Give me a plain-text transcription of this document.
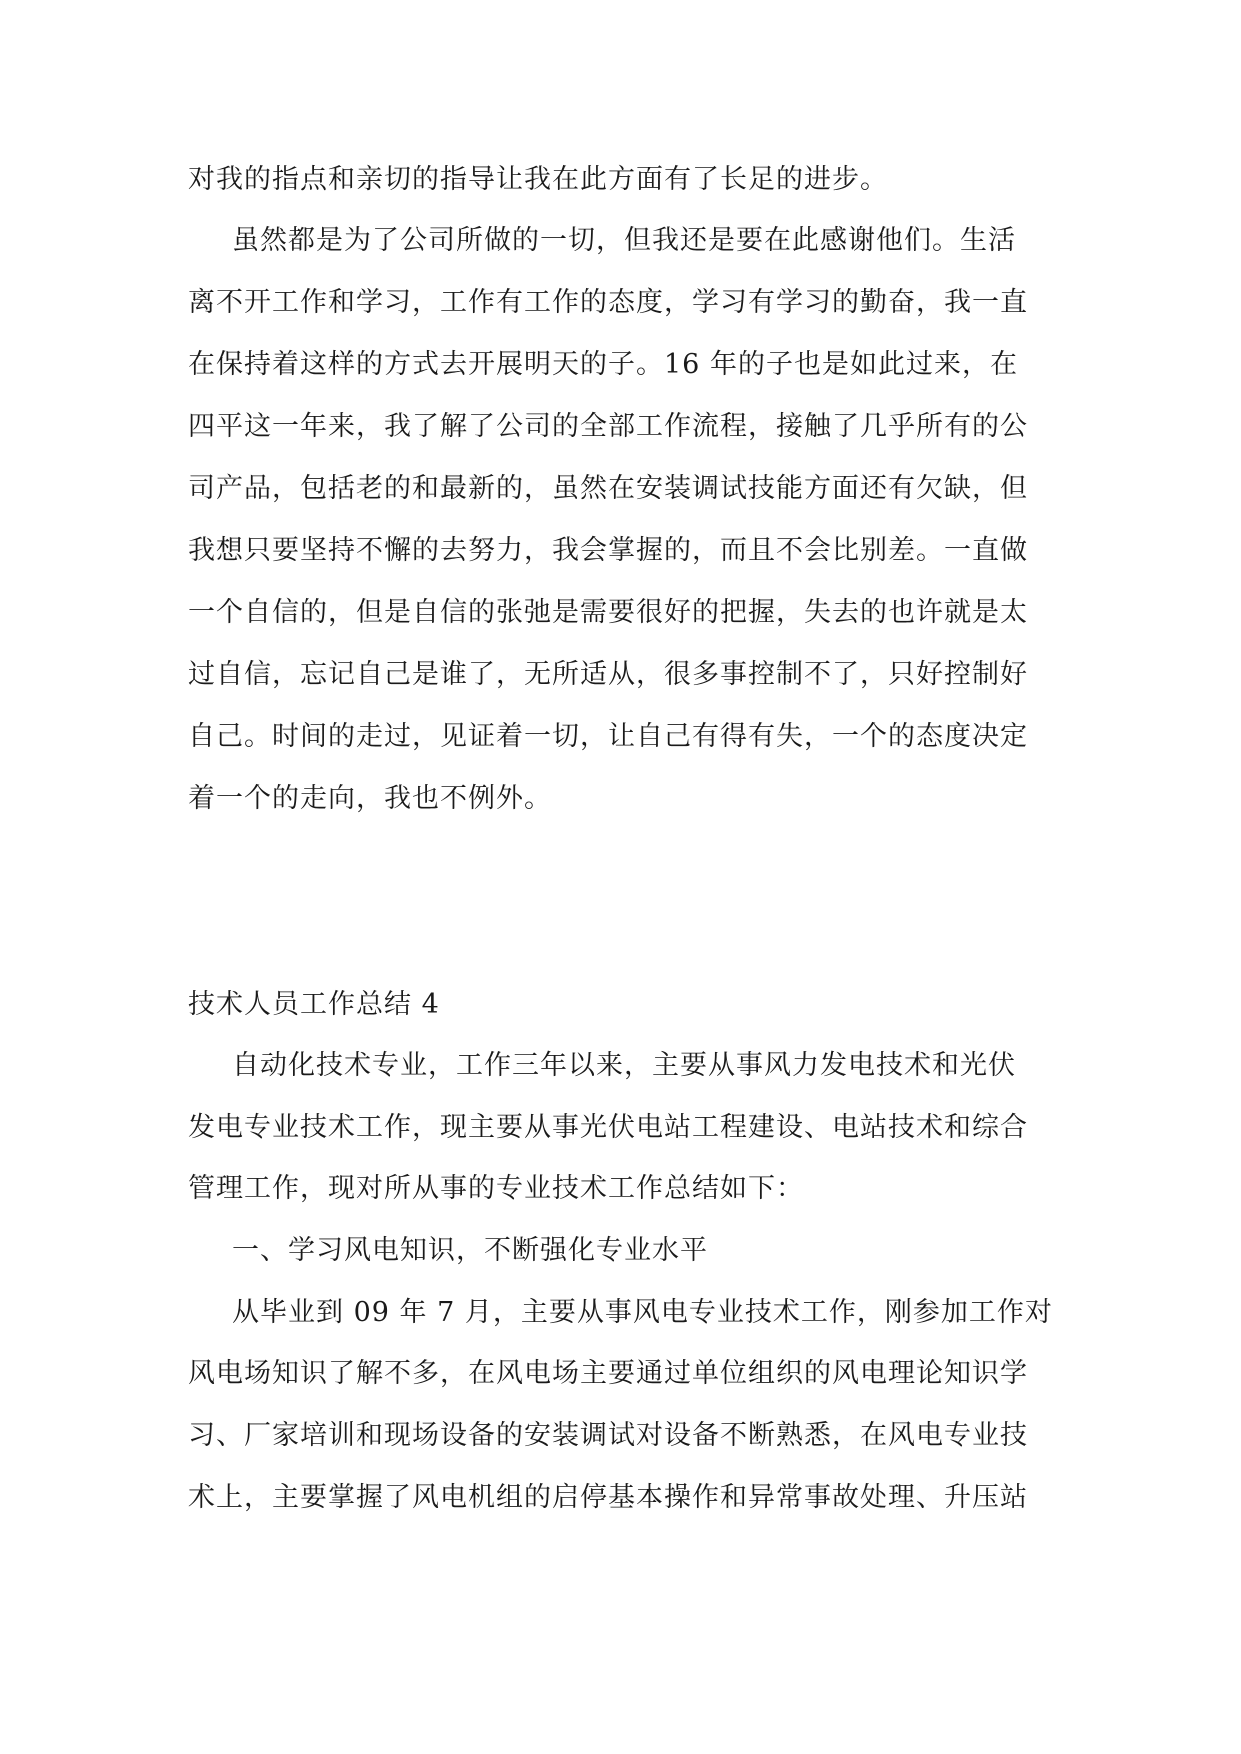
对我的指点和亲切的指导让我在此方面有了长足的进步。
虽然都是为了公司所做的一切，但我还是要在此感谢他们。生活
离不开工作和学习，工作有工作的态度，学习有学习的勤奋，我一直
在保持着这样的方式去开展明天的子。16 年的子也是如此过来，在
四平这一年来，我了解了公司的全部工作流程，接触了几乎所有的公
司产品，包括老的和最新的，虽然在安装调试技能方面还有欠缺，但
我想只要坚持不懈的去努力，我会掌握的，而且不会比别差。一直做
一个自信的，但是自信的张弛是需要很好的把握，失去的也许就是太
过自信，忘记自己是谁了，无所适从，很多事控制不了，只好控制好
自己。时间的走过，见证着一切，让自己有得有失，一个的态度决定
着一个的走向，我也不例外。
技术人员工作总结 4
自动化技术专业，工作三年以来，主要从事风力发电技术和光伏
发电专业技术工作，现主要从事光伏电站工程建设、电站技术和综合
管理工作，现对所从事的专业技术工作总结如下：
一、学习风电知识，不断强化专业水平
从毕业到 09 年 7 月，主要从事风电专业技术工作，刚参加工作对
风电场知识了解不多，在风电场主要通过单位组织的风电理论知识学
习、厂家培训和现场设备的安装调试对设备不断熟悉，在风电专业技
术上，主要掌握了风电机组的启停基本操作和异常事故处理、升压站
